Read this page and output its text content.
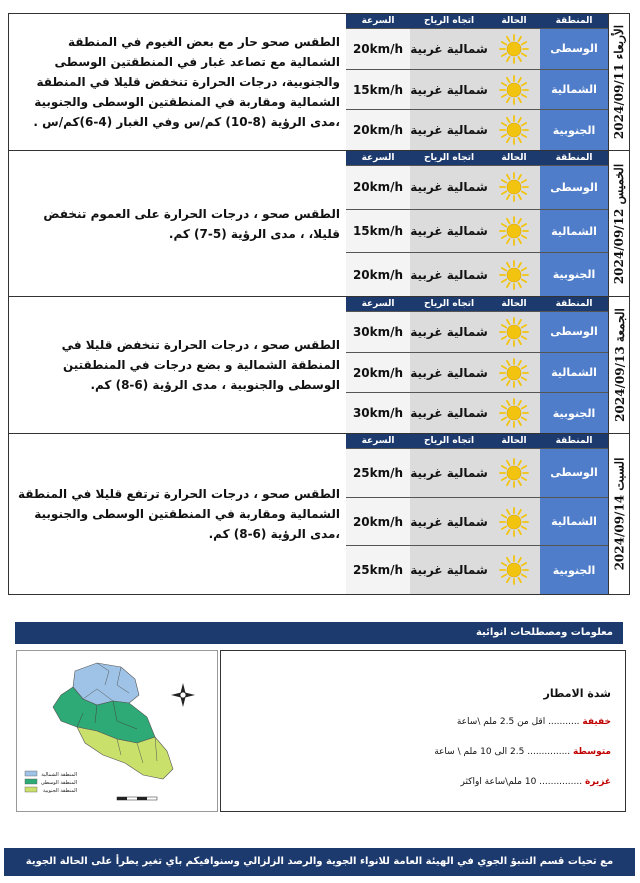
الطقس صحو حار مع بعض الغيوم في المنطقة الشمالية مع تصاعد غبار في المنطقتين الوسطى والجنوبية، درجات الحرارة تنخفض قليلا في المنطقة الشمالية ومقاربة في المنطقتين الوسطى والجنوبية ،مدى الرؤية (8-10) كم/س وفي الغبار (4-6)كم/س .

السرعة	اتجاه الرياح	الحالة	المنطقة
20km/h شمالية غربية	الوسطى
15km/h شمالية غربية	الشمالية
20km/h شمالية غربية	الجنوبية	الأربعاء 2024/09/11

الطقس صحو ، درجات الحرارة على العموم تنخفض قليلا، ، مدى الرؤية (5-7) كم.

السرعة	اتجاه الرياح	الحالة	المنطقة
20km/h شمالية غربية	الوسطى
15km/h شمالية غربية	الشمالية
20km/h شمالية غربية	الجنوبية	الخميس 2024/09/12

الطقس صحو ، درجات الحرارة تنخفض قليلا في المنطقة الشمالية و بضع درجات في المنطقتين الوسطى والجنوبية ، مدى الرؤية (6-8) كم.

السرعة	اتجاه الرياح	الحالة	المنطقة
30km/h شمالية غربية	الوسطى
20km/h شمالية غربية	الشمالية
30km/h شمالية غربية	الجنوبية	الجمعة 2024/09/13

الطقس صحو ، درجات الحرارة ترتفع قليلا في المنطقة الشمالية ومقاربة في المنطقتين الوسطى والجنوبية ،مدى الرؤية (6-8) كم.

السرعة	اتجاه الرياح	الحالة	المنطقة
25km/h شمالية غربية	الوسطى
20km/h شمالية غربية	الشمالية
25km/h شمالية غربية	الجنوبية	السبت 2024/09/14
معلومات ومصطلحات انوائية
المنطقة الشمالية
المنطقة الوسطى
المنطقة الجنوبية
شدة الامطار
خفيفة ........... اقل من 2.5 ملم \ساعة
متوسطة ............... 2.5 الى 10 ملم \ ساعة
غزيرة ............... 10 ملم\ساعة اواكثر
مع تحيات قسم التنبؤ الجوي في الهيئة العامة للانواء الجوية والرصد الزلزالي وسنوافيكم باي تغير يطرأ على الحالة الجوية
